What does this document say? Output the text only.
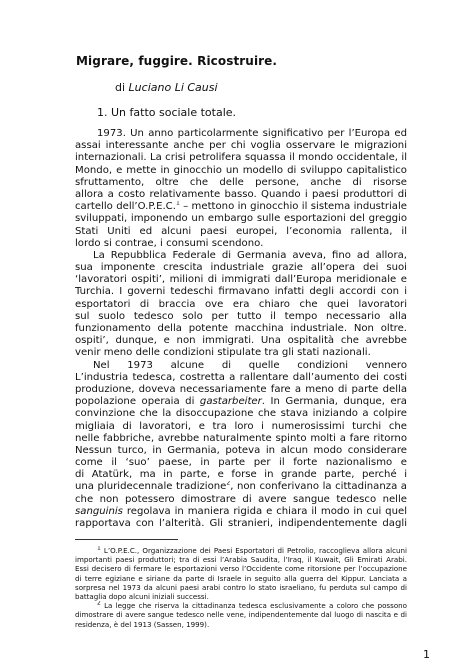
Migrare, fuggire. Ricostruire.
di Luciano Li Causi
1. Un fatto sociale totale.
1973. Un anno particolarmente significativo per l’Europa ed
assai interessante anche per chi voglia osservare le migrazioni
internazionali. La crisi petrolifera squassa il mondo occidentale, il
Mondo, e mette in ginocchio un modello di sviluppo capitalistico
sfruttamento, oltre che delle persone, anche di risorse
allora a costo relativamente basso. Quando i paesi produttori di
cartello dell’O.P.E.C.$^1$ – mettono in ginocchio il sistema industriale
sviluppati, imponendo un embargo sulle esportazioni del greggio
Stati Uniti ed alcuni paesi europei, l’economia rallenta, il
lordo si contrae, i consumi scendono.
La Repubblica Federale di Germania aveva, fino ad allora,
sua imponente crescita industriale grazie all’opera dei suoi
‘lavoratori ospiti’, milioni di immigrati dall’Europa meridionale e
Turchia. I governi tedeschi firmavano infatti degli accordi con i
esportatori di braccia ove era chiaro che quei lavoratori
sul suolo tedesco solo per tutto il tempo necessario alla
funzionamento della potente macchina industriale. Non oltre.
ospiti’, dunque, e non immigrati. Una ospitalità che avrebbe
venir meno delle condizioni stipulate tra gli stati nazionali.
Nel 1973 alcune di quelle condizioni vennero
L’industria tedesca, costretta a rallentare dall’aumento dei costi
produzione, doveva necessariamente fare a meno di parte della
popolazione operaia di gastarbeiter. In Germania, dunque, era
convinzione che la disoccupazione che stava iniziando a colpire
migliaia di lavoratori, e tra loro i numerosissimi turchi che
nelle fabbriche, avrebbe naturalmente spinto molti a fare ritorno
Nessun turco, in Germania, poteva in alcun modo considerare
come il ‘suo’ paese, in parte per il forte nazionalismo e
di Atatürk, ma in parte, e forse in grande parte, perché i
una pluridecennale tradizione$^2$, non conferivano la cittadinanza a
che non potessero dimostrare di avere sangue tedesco nelle
sanguinis regolava in maniera rigida e chiara il modo in cui quel
rapportava con l’alterità. Gli stranieri, indipendentemente dagli
$^1$ L’O.P.E.C., Organizzazione dei Paesi Esportatori di Petrolio, raccoglieva allora alcuni
importanti paesi produttori; tra di essi l’Arabia Saudita, l’Iraq, il Kuwait, Gli Emirati Arabi.
Essi decisero di fermare le esportazioni verso l’Occidente come ritorsione per l’occupazione
di terre egiziane e siriane da parte di Israele in seguito alla guerra del Kippur. Lanciata a
sorpresa nel 1973 da alcuni paesi arabi contro lo stato israeliano, fu perduta sul campo di
battaglia dopo alcuni iniziali successi.
$^2$ La legge che riserva la cittadinanza tedesca esclusivamente a coloro che possono
dimostrare di avere sangue tedesco nelle vene, indipendentemente dal luogo di nascita e di
residenza, è del 1913 (Sassen, 1999).
1
